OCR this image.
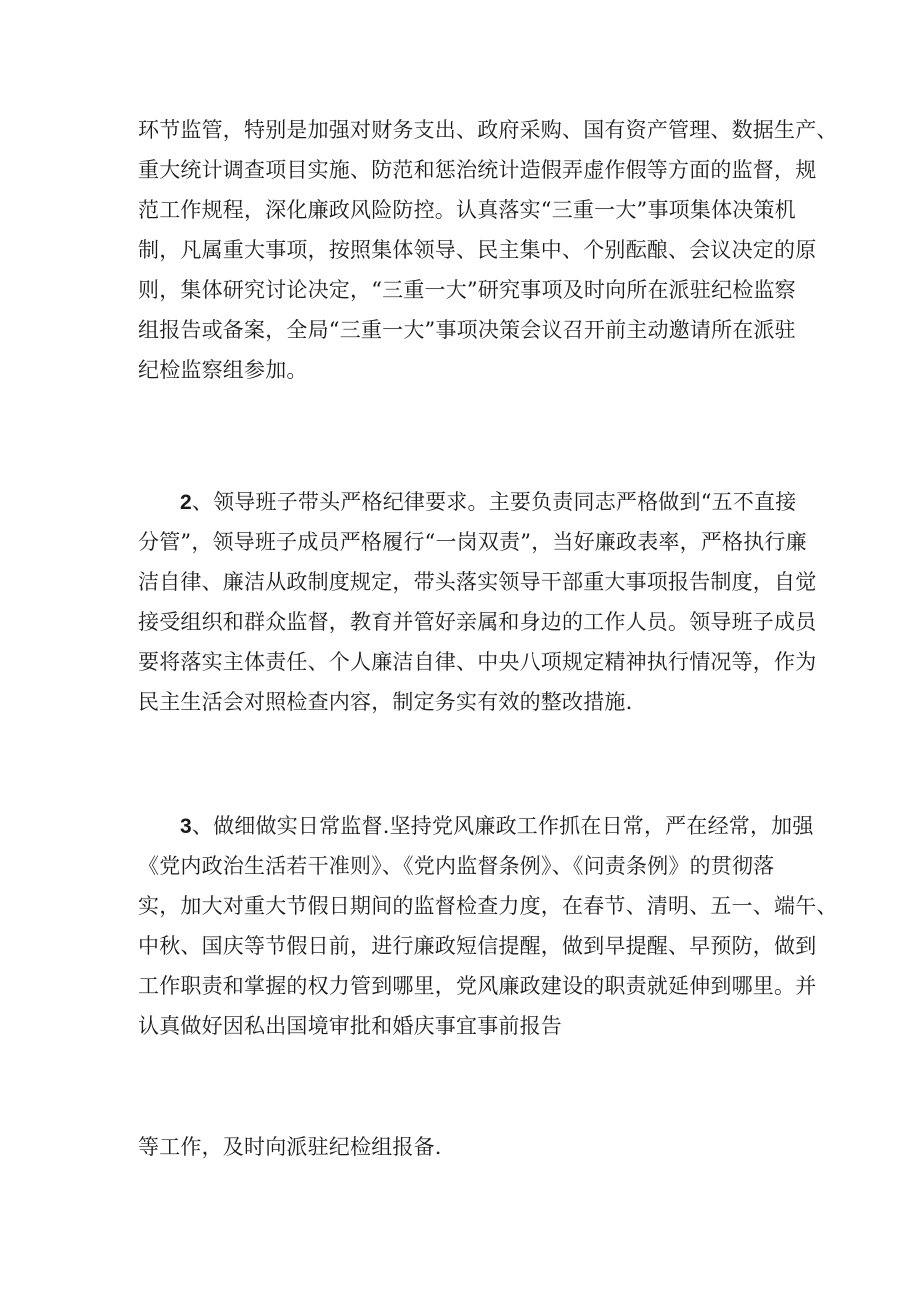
环节监管，特别是加强对财务支出、政府采购、国有资产管理、数据生产、
重大统计调查项目实施、防范和惩治统计造假弄虚作假等方面的监督，规
范工作规程，深化廉政风险防控。认真落实“三重一大”事项集体决策机
制，凡属重大事项，按照集体领导、民主集中、个别酝酿、会议决定的原
则，集体研究讨论决定，“三重一大”研究事项及时向所在派驻纪检监察
组报告或备案，全局“三重一大”事项决策会议召开前主动邀请所在派驻
纪检监察组参加。
2、领导班子带头严格纪律要求。主要负责同志严格做到“五不直接
分管”，领导班子成员严格履行“一岗双责”，当好廉政表率，严格执行廉
洁自律、廉洁从政制度规定，带头落实领导干部重大事项报告制度，自觉
接受组织和群众监督，教育并管好亲属和身边的工作人员。领导班子成员
要将落实主体责任、个人廉洁自律、中央八项规定精神执行情况等，作为
民主生活会对照检查内容，制定务实有效的整改措施.
3、做细做实日常监督.坚持党风廉政工作抓在日常，严在经常，加强
《党内政治生活若干准则》、《党内监督条例》、《问责条例》的贯彻落
实，加大对重大节假日期间的监督检查力度，在春节、清明、五一、端午、
中秋、国庆等节假日前，进行廉政短信提醒，做到早提醒、早预防，做到
工作职责和掌握的权力管到哪里，党风廉政建设的职责就延伸到哪里。并
认真做好因私出国境审批和婚庆事宜事前报告
等工作，及时向派驻纪检组报备.
